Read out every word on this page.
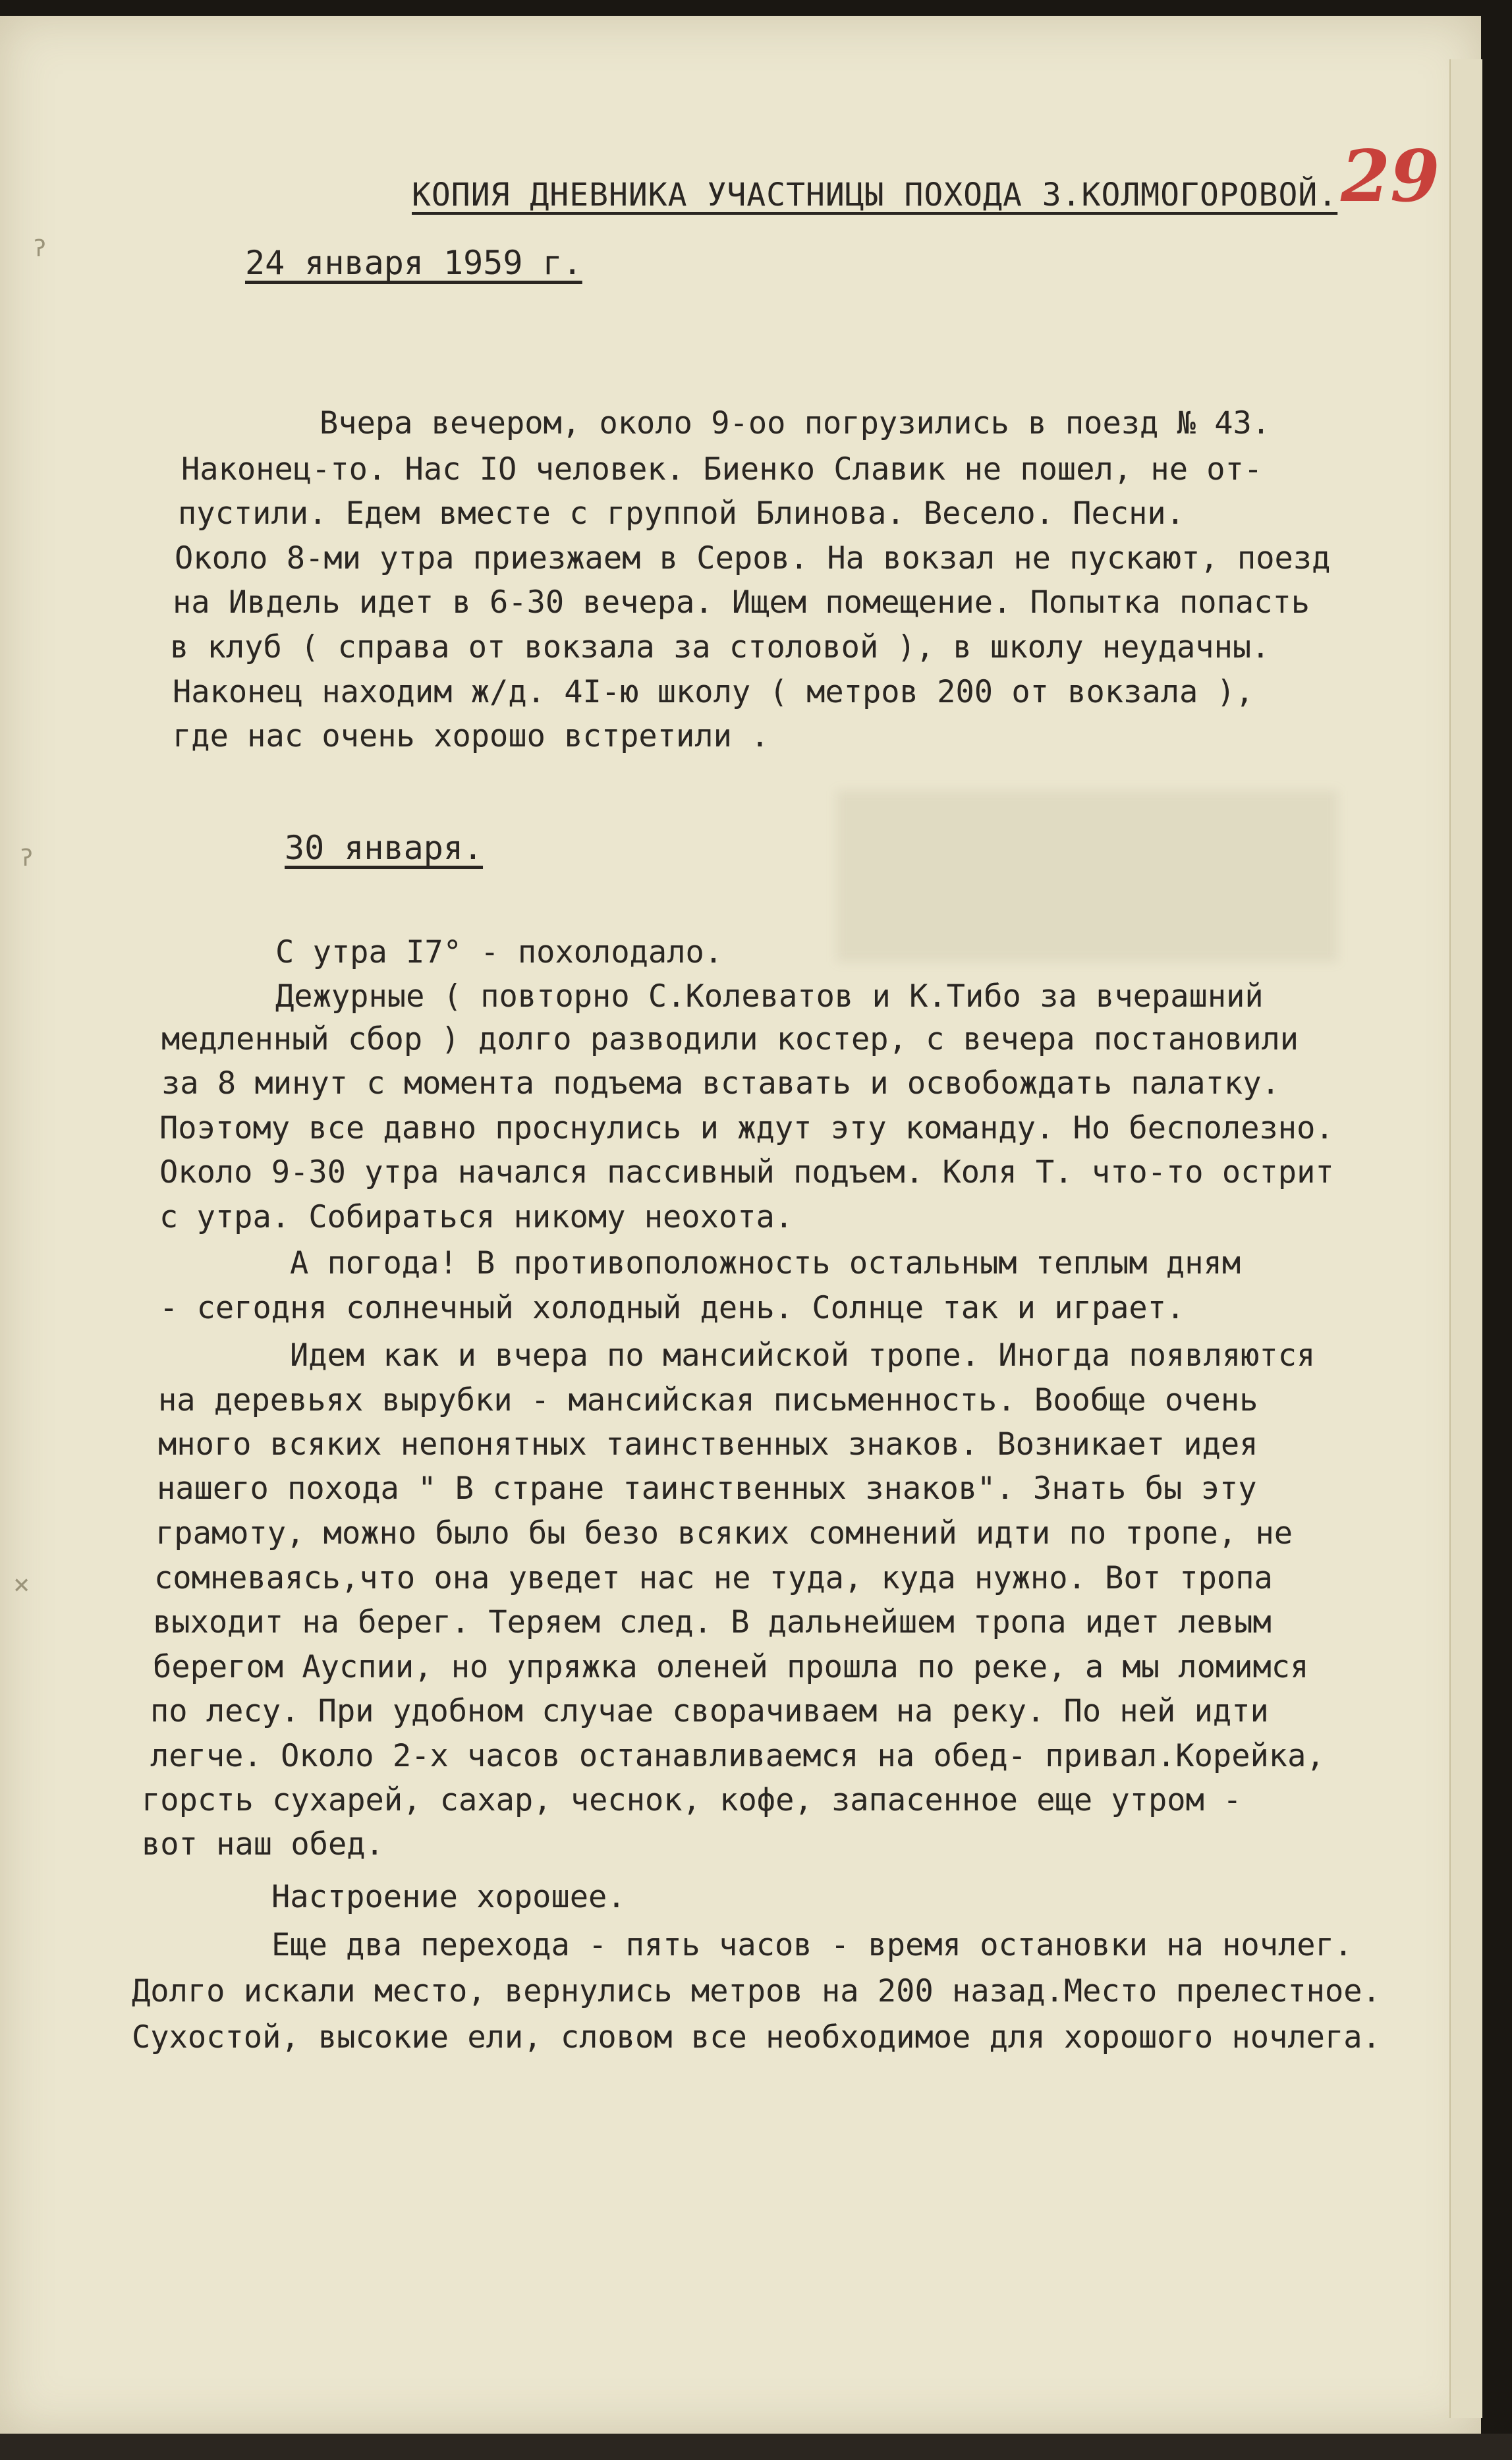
ॽ
ॽ
×
КОПИЯ ДНЕВНИКА УЧАСТНИЦЫ ПОХОДА З.КОЛМОГОРОВОЙ. 29
24 января 1959 г.
Вчера вечером, около 9-оо погрузились в поезд № 43.
Наконец-то. Нас IO человек. Биенко Славик не пошел, не от-
пустили. Едем вместе с группой Блинова. Весело. Песни.
Около 8-ми утра приезжаем в Серов. На вокзал не пускают, поезд
на Ивдель идет в 6-30 вечера. Ищем помещение. Попытка попасть
в клуб ( справа от вокзала за столовой ), в школу неудачны.
Наконец находим ж/д. 4I-ю школу ( метров 200 от вокзала ),
где нас очень хорошо встретили .
30 января.
С утра I7° - похолодало.
Дежурные ( повторно С.Колеватов и К.Тибо за вчерашний
медленный сбор ) долго разводили костер, с вечера постановили
за 8 минут с момента подъема вставать и освобождать палатку.
Поэтому все давно проснулись и ждут эту команду. Но бесполезно.
Около 9-30 утра начался пассивный подъем. Коля Т. что-то острит
с утра. Собираться никому неохота.
А погода! В противоположность остальным теплым дням
- сегодня солнечный холодный день. Солнце так и играет.
Идем как и вчера по мансийской тропе. Иногда появляются
на деревьях вырубки - мансийская письменность. Вообще очень
много всяких непонятных таинственных знаков. Возникает идея
нашего похода " В стране таинственных знаков". Знать бы эту
грамоту, можно было бы безо всяких сомнений идти по тропе, не
сомневаясь,что она уведет нас не туда, куда нужно. Вот тропа
выходит на берег. Теряем след. В дальнейшем тропа идет левым
берегом Ауспии, но упряжка оленей прошла по реке, а мы ломимся
по лесу. При удобном случае сворачиваем на реку. По ней идти
легче. Около 2-х часов останавливаемся на обед- привал.Корейка,
горсть сухарей, сахар, чеснок, кофе, запасенное еще утром -
вот наш обед.
Настроение хорошее.
Еще два перехода - пять часов - время остановки на ночлег.
Долго искали место, вернулись метров на 200 назад.Место прелестное.
Сухостой, высокие ели, словом все необходимое для хорошого ночлега.
